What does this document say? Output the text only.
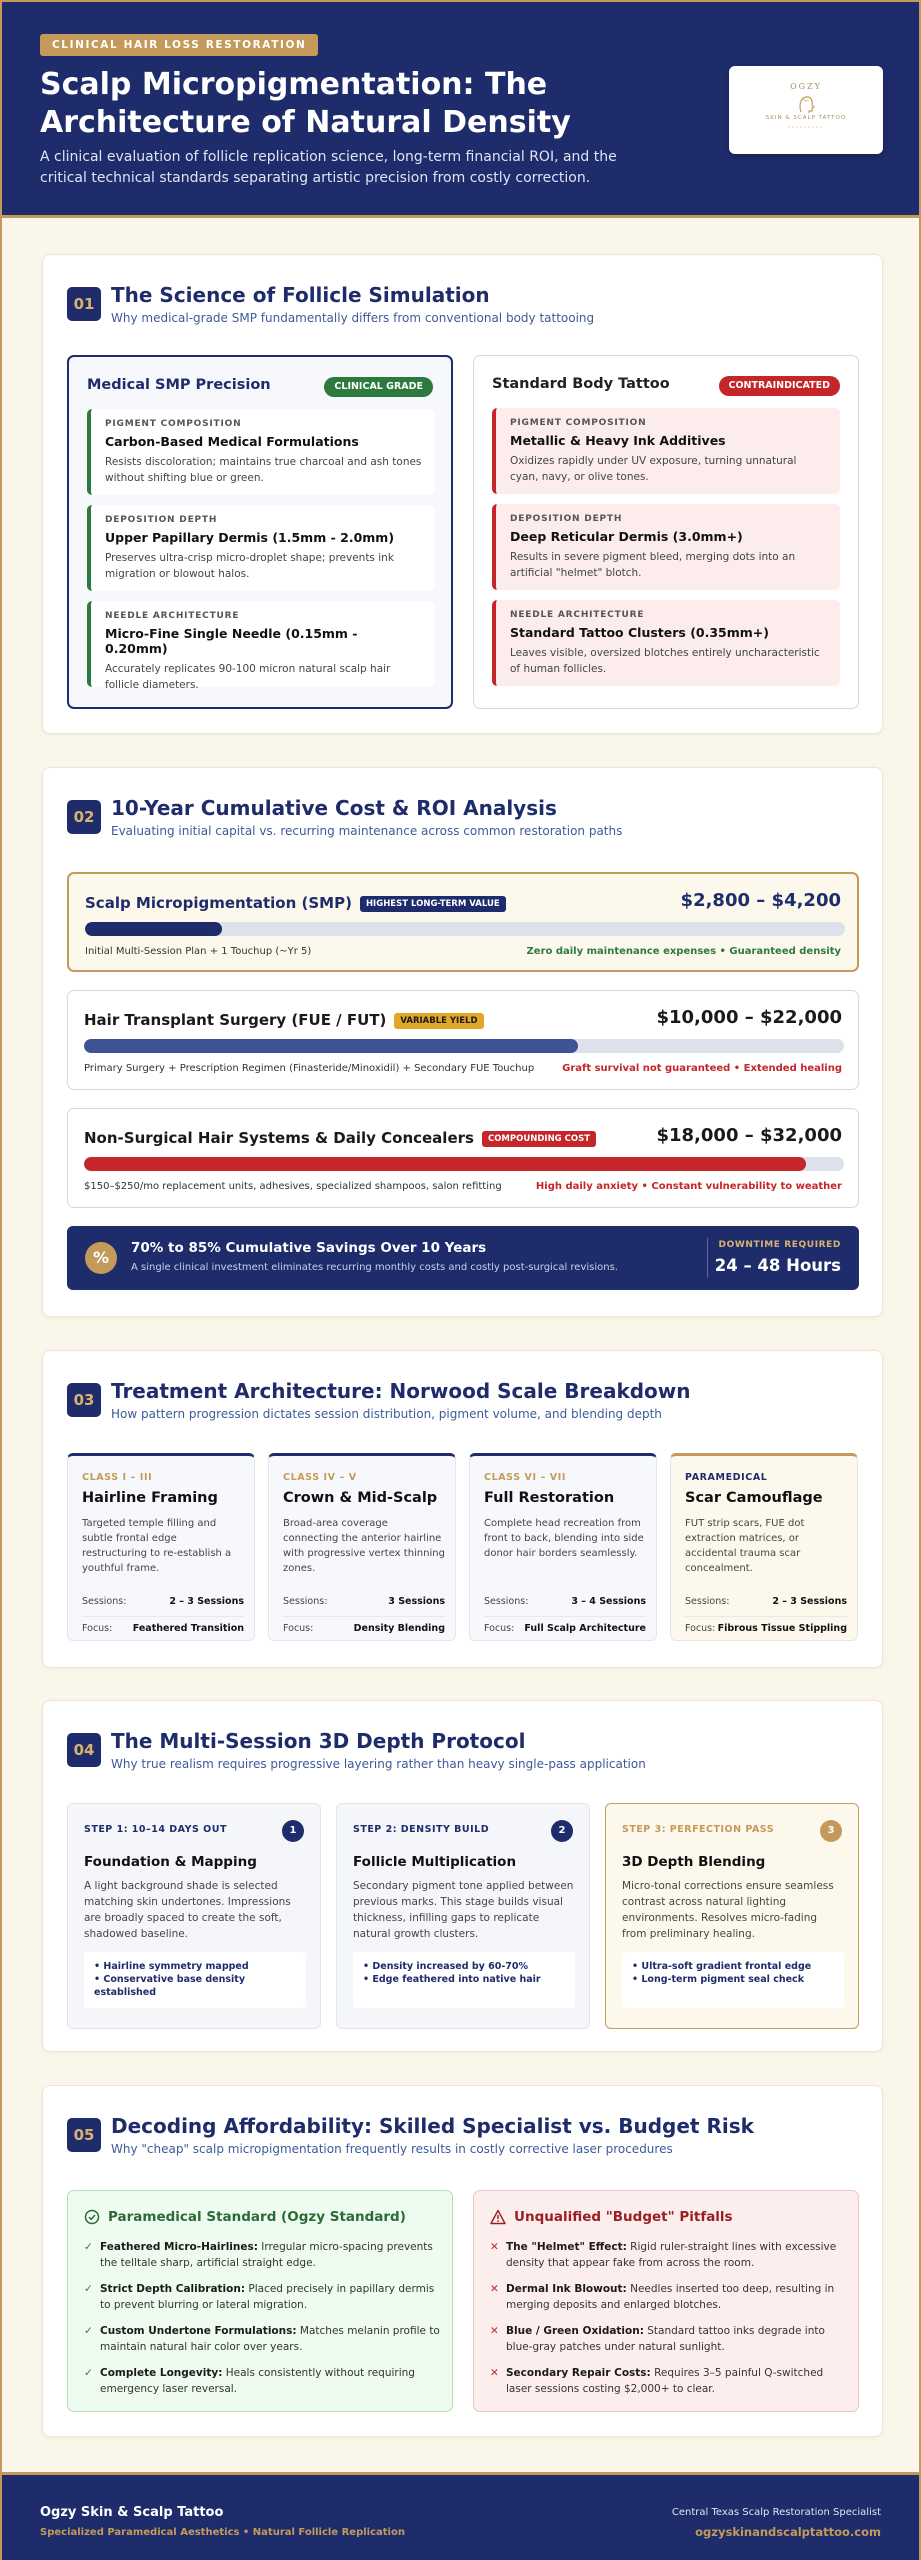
CLINICAL HAIR LOSS RESTORATION
Scalp Micropigmentation: The Architecture of Natural Density
A clinical evaluation of follicle replication science, long-term financial ROI, and the critical technical standards separating artistic precision from costly correction.
OGZY
SKIN & SCALP TATTOO
01 The Science of Follicle Simulation
Why medical-grade SMP fundamentally differs from conventional body tattooing
Medical SMP Precision	CLINICAL GRADE
PIGMENT COMPOSITION
Carbon-Based Medical Formulations
Resists discoloration; maintains true charcoal and ash tones without shifting blue or green.
DEPOSITION DEPTH
Upper Papillary Dermis (1.5mm - 2.0mm)
Preserves ultra-crisp micro-droplet shape; prevents ink migration or blowout halos.
NEEDLE ARCHITECTURE
Micro-Fine Single Needle (0.15mm - 0.20mm)
Accurately replicates 90-100 micron natural scalp hair follicle diameters.
Standard Body Tattoo	CONTRAINDICATED
PIGMENT COMPOSITION
Metallic & Heavy Ink Additives
Oxidizes rapidly under UV exposure, turning unnatural cyan, navy, or olive tones.
DEPOSITION DEPTH
Deep Reticular Dermis (3.0mm+)
Results in severe pigment bleed, merging dots into an artificial "helmet" blotch.
NEEDLE ARCHITECTURE
Standard Tattoo Clusters (0.35mm+)
Leaves visible, oversized blotches entirely uncharacteristic of human follicles.
02 10-Year Cumulative Cost & ROI Analysis
Evaluating initial capital vs. recurring maintenance across common restoration paths
Scalp Micropigmentation (SMP) HIGHEST LONG-TERM VALUE	$2,800 – $4,200
Initial Multi-Session Plan + 1 Touchup (~Yr 5)	Zero daily maintenance expenses • Guaranteed density
Hair Transplant Surgery (FUE / FUT) VARIABLE YIELD	$10,000 – $22,000
Primary Surgery + Prescription Regimen (Finasteride/Minoxidil) + Secondary FUE Touchup	Graft survival not guaranteed • Extended healing
Non-Surgical Hair Systems & Daily Concealers COMPOUNDING COST	$18,000 – $32,000
$150–$250/mo replacement units, adhesives, specialized shampoos, salon refitting	High daily anxiety • Constant vulnerability to weather
%	70% to 85% Cumulative Savings Over 10 Years
A single clinical investment eliminates recurring monthly costs and costly post-surgical revisions.
DOWNTIME REQUIRED
24 – 48 Hours
03 Treatment Architecture: Norwood Scale Breakdown
How pattern progression dictates session distribution, pigment volume, and blending depth
CLASS I – III
Hairline Framing
Targeted temple filling and subtle frontal edge restructuring to re-establish a youthful frame.
Sessions:	2 – 3 Sessions
Focus: Feathered Transition
CLASS IV – V
Crown & Mid-Scalp
Broad-area coverage connecting the anterior hairline with progressive vertex thinning zones.
Sessions:	3 Sessions
Focus:	Density Blending
CLASS VI – VII
Full Restoration
Complete head recreation from front to back, blending into side donor hair borders seamlessly.
Sessions:	3 – 4 Sessions
Focus: Full Scalp Architecture
PARAMEDICAL
Scar Camouflage
FUT strip scars, FUE dot extraction matrices, or accidental trauma scar concealment.
Sessions:	2 – 3 Sessions
Focus: Fibrous Tissue Stippling
04 The Multi-Session 3D Depth Protocol
Why true realism requires progressive layering rather than heavy single-pass application
STEP 1: 10–14 DAYS OUT	1
Foundation & Mapping
A light background shade is selected matching skin undertones. Impressions are broadly spaced to create the soft, shadowed baseline.
• Hairline symmetry mapped
• Conservative base density established
STEP 2: DENSITY BUILD	2
Follicle Multiplication
Secondary pigment tone applied between previous marks. This stage builds visual thickness, infilling gaps to replicate natural growth clusters.
• Density increased by 60-70%
• Edge feathered into native hair
STEP 3: PERFECTION PASS	3
3D Depth Blending
Micro-tonal corrections ensure seamless contrast across natural lighting environments. Resolves micro-fading from preliminary healing.
• Ultra-soft gradient frontal edge
• Long-term pigment seal check
05 Decoding Affordability: Skilled Specialist vs. Budget Risk
Why "cheap" scalp micropigmentation frequently results in costly corrective laser procedures
Paramedical Standard (Ogzy Standard)
✓ Feathered Micro-Hairlines: Irregular micro-spacing prevents the telltale sharp, artificial straight edge.
✓ Strict Depth Calibration: Placed precisely in papillary dermis to prevent blurring or lateral migration.
✓ Custom Undertone Formulations: Matches melanin profile to maintain natural hair color over years.
✓ Complete Longevity: Heals consistently without requiring emergency laser reversal.
Unqualified "Budget" Pitfalls
✕ The "Helmet" Effect: Rigid ruler-straight lines with excessive density that appear fake from across the room.
✕ Dermal Ink Blowout: Needles inserted too deep, resulting in merging deposits and enlarged blotches.
✕ Blue / Green Oxidation: Standard tattoo inks degrade into blue-gray patches under natural sunlight.
✕ Secondary Repair Costs: Requires 3–5 painful Q-switched laser sessions costing $2,000+ to clear.
Ogzy Skin & Scalp Tattoo
Specialized Paramedical Aesthetics • Natural Follicle Replication
Central Texas Scalp Restoration Specialist
ogzyskinandscalptattoo.com
